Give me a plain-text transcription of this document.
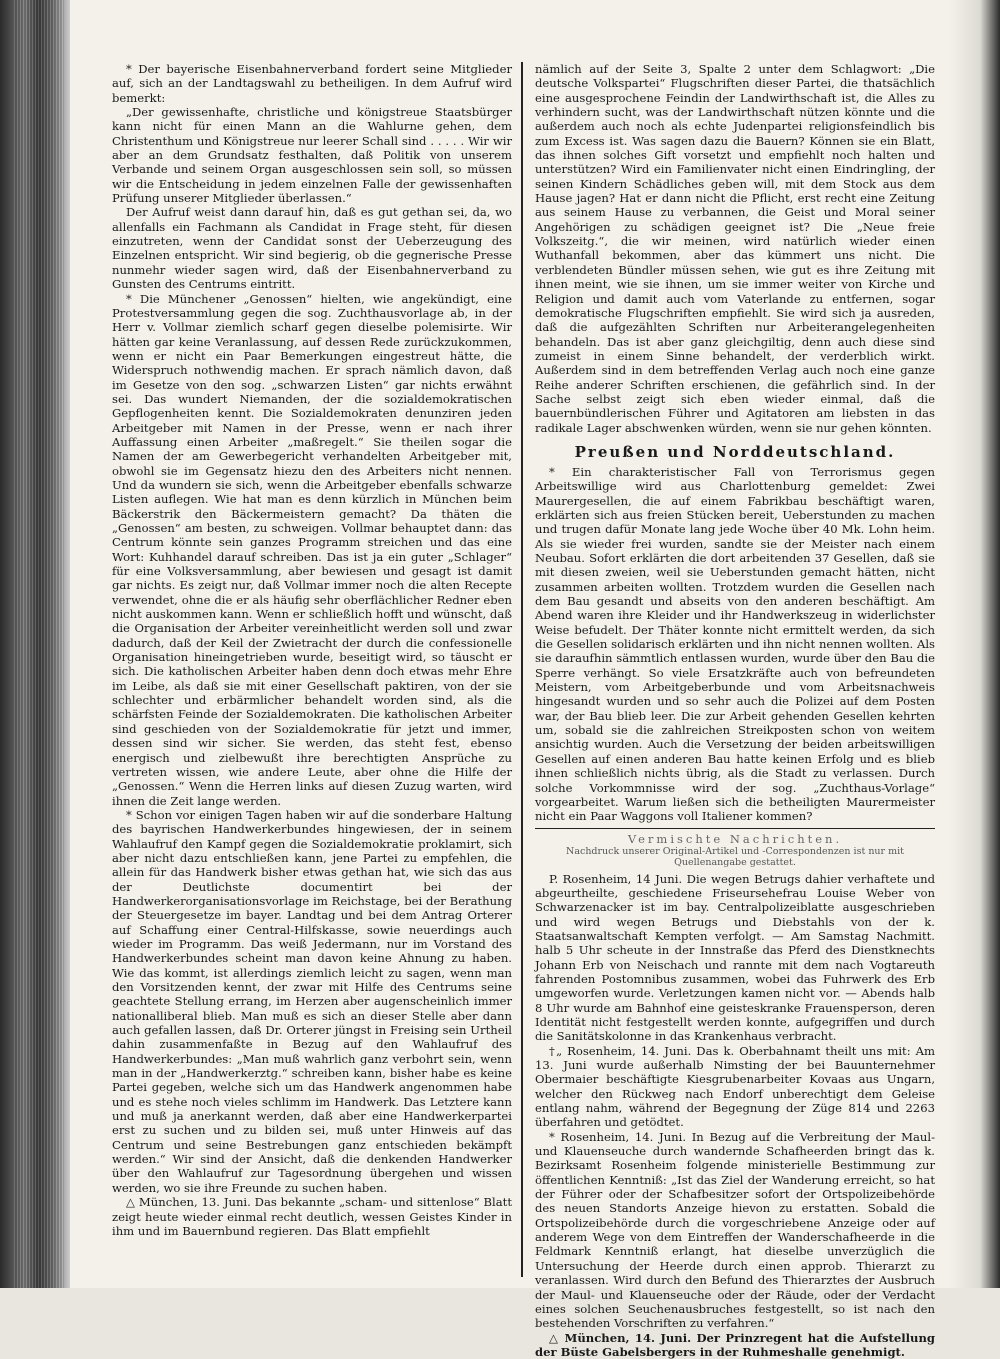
* Der bayerische Eisenbahnerverband fordert seine Mitglieder auf, sich an der Landtagswahl zu betheiligen. In dem Aufruf wird bemerkt:

„Der gewissenhafte, christliche und königstreue Staatsbürger kann nicht für einen Mann an die Wahlurne gehen, dem Christenthum und Königstreue nur leerer Schall sind . . . . . Wir wir aber an dem Grundsatz festhalten, daß Politik von unserem Verbande und seinem Organ ausgeschlossen sein soll, so müssen wir die Entscheidung in jedem einzelnen Falle der gewissenhaften Prüfung unserer Mitglieder überlassen.“

Der Aufruf weist dann darauf hin, daß es gut gethan sei, da, wo allenfalls ein Fachmann als Candidat in Frage steht, für diesen einzutreten, wenn der Candidat sonst der Ueberzeugung des Einzelnen entspricht. Wir sind begierig, ob die gegnerische Presse nunmehr wieder sagen wird, daß der Eisenbahnerverband zu Gunsten des Centrums eintritt.

* Die Münchener „Genossen“ hielten, wie angekündigt, eine Protestversammlung gegen die sog. Zuchthausvorlage ab, in der Herr v. Vollmar ziemlich scharf gegen dieselbe polemisirte. Wir hätten gar keine Veranlassung, auf dessen Rede zurückzukommen, wenn er nicht ein Paar Bemerkungen eingestreut hätte, die Widerspruch nothwendig machen. Er sprach nämlich davon, daß im Gesetze von den sog. „schwarzen Listen“ gar nichts erwähnt sei. Das wundert Niemanden, der die sozialdemokratischen Gepflogenheiten kennt. Die Sozialdemokraten denunziren jeden Arbeitgeber mit Namen in der Presse, wenn er nach ihrer Auffassung einen Arbeiter „maßregelt.“ Sie theilen sogar die Namen der am Gewerbegericht verhandelten Arbeitgeber mit, obwohl sie im Gegensatz hiezu den des Arbeiters nicht nennen. Und da wundern sie sich, wenn die Arbeitgeber ebenfalls schwarze Listen auflegen. Wie hat man es denn kürzlich in München beim Bäckerstrik den Bäckermeistern gemacht? Da thäten die „Genossen“ am besten, zu schweigen. Vollmar behauptet dann: das Centrum könnte sein ganzes Programm streichen und das eine Wort: Kuhhandel darauf schreiben. Das ist ja ein guter „Schlager“ für eine Volksversammlung, aber bewiesen und gesagt ist damit gar nichts. Es zeigt nur, daß Vollmar immer noch die alten Recepte verwendet, ohne die er als häufig sehr oberflächlicher Redner eben nicht auskommen kann. Wenn er schließlich hofft und wünscht, daß die Organisation der Arbeiter vereinheitlicht werden soll und zwar dadurch, daß der Keil der Zwietracht der durch die confessionelle Organisation hineingetrieben wurde, beseitigt wird, so täuscht er sich. Die katholischen Arbeiter haben denn doch etwas mehr Ehre im Leibe, als daß sie mit einer Gesellschaft paktiren, von der sie schlechter und erbärmlicher behandelt worden sind, als die schärfsten Feinde der Sozialdemokraten. Die katholischen Arbeiter sind geschieden von der Sozialdemokratie für jetzt und immer, dessen sind wir sicher. Sie werden, das steht fest, ebenso energisch und zielbewußt ihre berechtigten Ansprüche zu vertreten wissen, wie andere Leute, aber ohne die Hilfe der „Genossen.“ Wenn die Herren links auf diesen Zuzug warten, wird ihnen die Zeit lange werden.

* Schon vor einigen Tagen haben wir auf die sonderbare Haltung des bayrischen Handwerkerbundes hingewiesen, der in seinem Wahlaufruf den Kampf gegen die Sozialdemokratie proklamirt, sich aber nicht dazu entschließen kann, jene Partei zu empfehlen, die allein für das Handwerk bisher etwas gethan hat, wie sich das aus der Deutlichste documentirt bei der Handwerkerorganisationsvorlage im Reichstage, bei der Berathung der Steuergesetze im bayer. Landtag und bei dem Antrag Orterer auf Schaffung einer Central-Hilfskasse, sowie neuerdings auch wieder im Programm. Das weiß Jedermann, nur im Vorstand des Handwerkerbundes scheint man davon keine Ahnung zu haben. Wie das kommt, ist allerdings ziemlich leicht zu sagen, wenn man den Vorsitzenden kennt, der zwar mit Hilfe des Centrums seine geachtete Stellung errang, im Herzen aber augenscheinlich immer nationalliberal blieb. Man muß es sich an dieser Stelle aber dann auch gefallen lassen, daß Dr. Orterer jüngst in Freising sein Urtheil dahin zusammenfaßte in Bezug auf den Wahlaufruf des Handwerkerbundes: „Man muß wahrlich ganz verbohrt sein, wenn man in der „Handwerkerztg.“ schreiben kann, bisher habe es keine Partei gegeben, welche sich um das Handwerk angenommen habe und es stehe noch vieles schlimm im Handwerk. Das Letztere kann und muß ja anerkannt werden, daß aber eine Handwerkerpartei erst zu suchen und zu bilden sei, muß unter Hinweis auf das Centrum und seine Bestrebungen ganz entschieden bekämpft werden.“ Wir sind der Ansicht, daß die denkenden Handwerker über den Wahlaufruf zur Tagesordnung übergehen und wissen werden, wo sie ihre Freunde zu suchen haben.

△ München, 13. Juni. Das bekannte „scham- und sittenlose“ Blatt zeigt heute wieder einmal recht deutlich, wessen Geistes Kinder in ihm und im Bauernbund regieren. Das Blatt empfiehlt

nämlich auf der Seite 3, Spalte 2 unter dem Schlagwort: „Die deutsche Volkspartei“ Flugschriften dieser Partei, die thatsächlich eine ausgesprochene Feindin der Landwirthschaft ist, die Alles zu verhindern sucht, was der Landwirthschaft nützen könnte und die außerdem auch noch als echte Judenpartei religionsfeindlich bis zum Excess ist. Was sagen dazu die Bauern? Können sie ein Blatt, das ihnen solches Gift vorsetzt und empfiehlt noch halten und unterstützen? Wird ein Familienvater nicht einen Eindringling, der seinen Kindern Schädliches geben will, mit dem Stock aus dem Hause jagen? Hat er dann nicht die Pflicht, erst recht eine Zeitung aus seinem Hause zu verbannen, die Geist und Moral seiner Angehörigen zu schädigen geeignet ist? Die „Neue freie Volkszeitg.“, die wir meinen, wird natürlich wieder einen Wuthanfall bekommen, aber das kümmert uns nicht. Die verblendeten Bündler müssen sehen, wie gut es ihre Zeitung mit ihnen meint, wie sie ihnen, um sie immer weiter von Kirche und Religion und damit auch vom Vaterlande zu entfernen, sogar demokratische Flugschriften empfiehlt. Sie wird sich ja ausreden, daß die aufgezählten Schriften nur Arbeiterangelegenheiten behandeln. Das ist aber ganz gleichgiltig, denn auch diese sind zumeist in einem Sinne behandelt, der verderblich wirkt. Außerdem sind in dem betreffenden Verlag auch noch eine ganze Reihe anderer Schriften erschienen, die gefährlich sind. In der Sache selbst zeigt sich eben wieder einmal, daß die bauernbündlerischen Führer und Agitatoren am liebsten in das radikale Lager abschwenken würden, wenn sie nur gehen könnten.

Preußen und Norddeutschland.

* Ein charakteristischer Fall von Terrorismus gegen Arbeitswillige wird aus Charlottenburg gemeldet: Zwei Maurergesellen, die auf einem Fabrikbau beschäftigt waren, erklärten sich aus freien Stücken bereit, Ueberstunden zu machen und trugen dafür Monate lang jede Woche über 40 Mk. Lohn heim. Als sie wieder frei wurden, sandte sie der Meister nach einem Neubau. Sofort erklärten die dort arbeitenden 37 Gesellen, daß sie mit diesen zweien, weil sie Ueberstunden gemacht hätten, nicht zusammen arbeiten wollten. Trotzdem wurden die Gesellen nach dem Bau gesandt und abseits von den anderen beschäftigt. Am Abend waren ihre Kleider und ihr Handwerkszeug in widerlichster Weise befudelt. Der Thäter konnte nicht ermittelt werden, da sich die Gesellen solidarisch erklärten und ihn nicht nennen wollten. Als sie daraufhin sämmtlich entlassen wurden, wurde über den Bau die Sperre verhängt. So viele Ersatzkräfte auch von befreundeten Meistern, vom Arbeitgeberbunde und vom Arbeitsnachweis hingesandt wurden und so sehr auch die Polizei auf dem Posten war, der Bau blieb leer. Die zur Arbeit gehenden Gesellen kehrten um, sobald sie die zahlreichen Streikposten schon von weitem ansichtig wurden. Auch die Versetzung der beiden arbeitswilligen Gesellen auf einen anderen Bau hatte keinen Erfolg und es blieb ihnen schließlich nichts übrig, als die Stadt zu verlassen. Durch solche Vorkommnisse wird der sog. „Zuchthaus-Vorlage“ vorgearbeitet. Warum ließen sich die betheiligten Maurermeister nicht ein Paar Waggons voll Italiener kommen?

Vermischte Nachrichten.
Nachdruck unserer Original-Artikel und -Correspondenzen ist nur mit Quellenangabe gestattet.

P. Rosenheim, 14 Juni. Die wegen Betrugs dahier verhaftete und abgeurtheilte, geschiedene Friseursehefrau Louise Weber von Schwarzenacker ist im bay. Centralpolizeiblatte ausgeschrieben und wird wegen Betrugs und Diebstahls von der k. Staatsanwaltschaft Kempten verfolgt. — Am Samstag Nachmitt. halb 5 Uhr scheute in der Innstraße das Pferd des Dienstknechts Johann Erb von Neischach und rannte mit dem nach Vogtareuth fahrenden Postomnibus zusammen, wobei das Fuhrwerk des Erb umgeworfen wurde. Verletzungen kamen nicht vor. — Abends halb 8 Uhr wurde am Bahnhof eine geisteskranke Frauensperson, deren Identität nicht festgestellt werden konnte, aufgegriffen und durch die Sanitätskolonne in das Krankenhaus verbracht.

†„ Rosenheim, 14. Juni. Das k. Oberbahnamt theilt uns mit: Am 13. Juni wurde außerhalb Nimsting der bei Bauunternehmer Obermaier beschäftigte Kiesgrubenarbeiter Kovaas aus Ungarn, welcher den Rückweg nach Endorf unberechtigt dem Geleise entlang nahm, während der Begegnung der Züge 814 und 2263 überfahren und getödtet.

* Rosenheim, 14. Juni. In Bezug auf die Verbreitung der Maul- und Klauenseuche durch wandernde Schafheerden bringt das k. Bezirksamt Rosenheim folgende ministerielle Bestimmung zur öffentlichen Kenntniß: „Ist das Ziel der Wanderung erreicht, so hat der Führer oder der Schafbesitzer sofort der Ortspolizeibehörde des neuen Standorts Anzeige hievon zu erstatten. Sobald die Ortspolizeibehörde durch die vorgeschriebene Anzeige oder auf anderem Wege von dem Eintreffen der Wanderschafheerde in die Feldmark Kenntniß erlangt, hat dieselbe unverzüglich die Untersuchung der Heerde durch einen approb. Thierarzt zu veranlassen. Wird durch den Befund des Thierarztes der Ausbruch der Maul- und Klauenseuche oder der Räude, oder der Verdacht eines solchen Seuchenausbruches festgestellt, so ist nach den bestehenden Vorschriften zu verfahren.“

△ München, 14. Juni. Der Prinzregent hat die Aufstellung der Büste Gabelsbergers in der Ruhmeshalle genehmigt.
